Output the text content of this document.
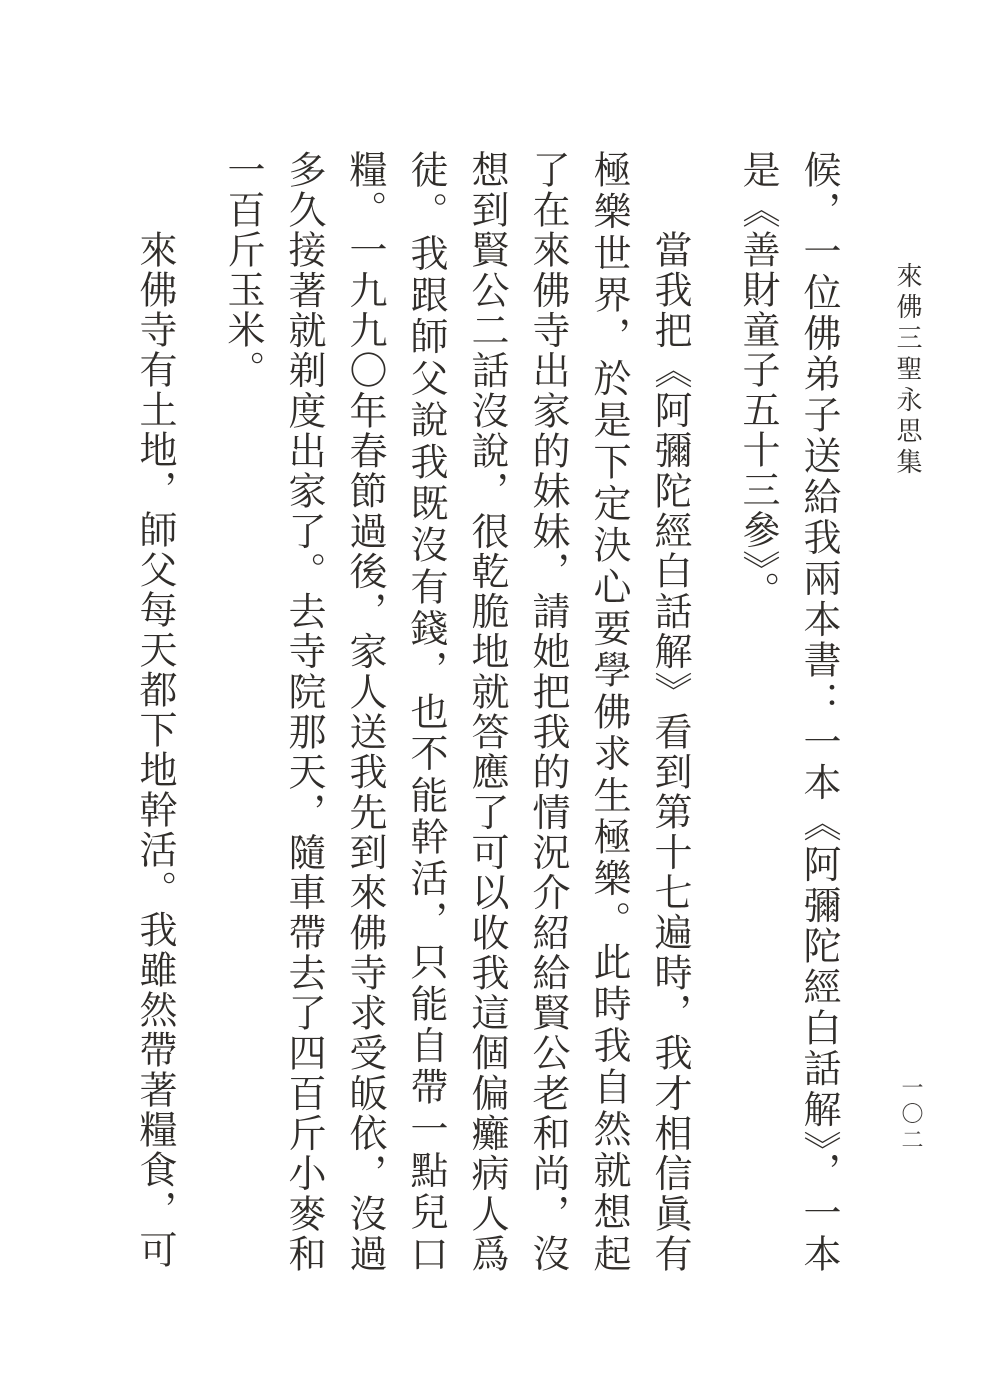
來佛三聖永思集
候，一位佛弟子送給我兩本書：一本《阿彌陀經白話解》，一本
是《善財童子五十三參》。
當我把《阿彌陀經白話解》看到第十七遍時，我才相信眞有
極樂世界，於是下定決心要學佛求生極樂。此時我自然就想起
了在來佛寺出家的妹妹，請她把我的情況介紹給賢公老和尚，沒
想到賢公二話沒說，很乾脆地就答應了可以收我這個偏癱病人爲
徒。我跟師父說我既沒有錢，也不能幹活，只能自帶一點兒口
糧。一九九〇年春節過後，家人送我先到來佛寺求受皈依，沒過
多久接著就剃度出家了。去寺院那天，隨車帶去了四百斤小麥和
一百斤玉米。
來佛寺有土地，師父每天都下地幹活。我雖然帶著糧食，可	一〇二
